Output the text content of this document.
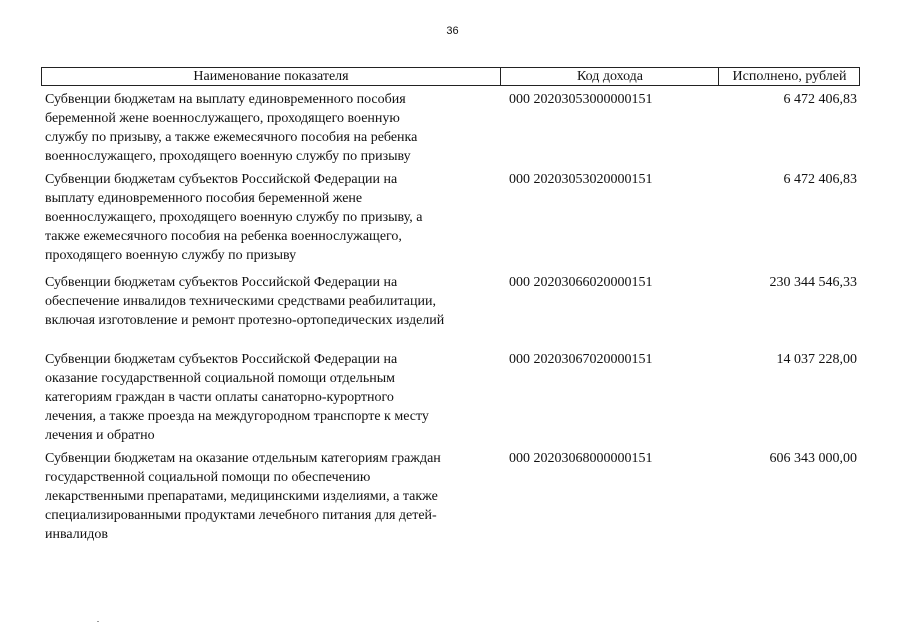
36
Наименование показателя	Код дохода	Исполнено, рублей
Субвенции бюджетам на выплату единовременного пособия
беременной жене военнослужащего, проходящего военную
службу по призыву, а также ежемесячного пособия на ребенка
военнослужащего, проходящего военную службу по призыву
000 20203053000000151	6 472 406,83
Субвенции бюджетам субъектов Российской Федерации на
выплату единовременного пособия беременной жене
военнослужащего, проходящего военную службу по призыву, а
также ежемесячного пособия на ребенка военнослужащего,
проходящего военную службу по призыву
000 20203053020000151	6 472 406,83
Субвенции бюджетам субъектов Российской Федерации на
обеспечение инвалидов техническими средствами реабилитации,
включая изготовление и ремонт протезно-ортопедических изделий
000 20203066020000151	230 344 546,33
Субвенции бюджетам субъектов Российской Федерации на
оказание государственной социальной помощи отдельным
категориям граждан в части оплаты санаторно-курортного
лечения, а также проезда на междугородном транспорте к месту
лечения и обратно
000 20203067020000151	14 037 228,00
Субвенции бюджетам на оказание отдельным категориям граждан
государственной социальной помощи по обеспечению
лекарственными препаратами, медицинскими изделиями, а также
специализированными продуктами лечебного питания для детей-
инвалидов
000 20203068000000151	606 343 000,00
